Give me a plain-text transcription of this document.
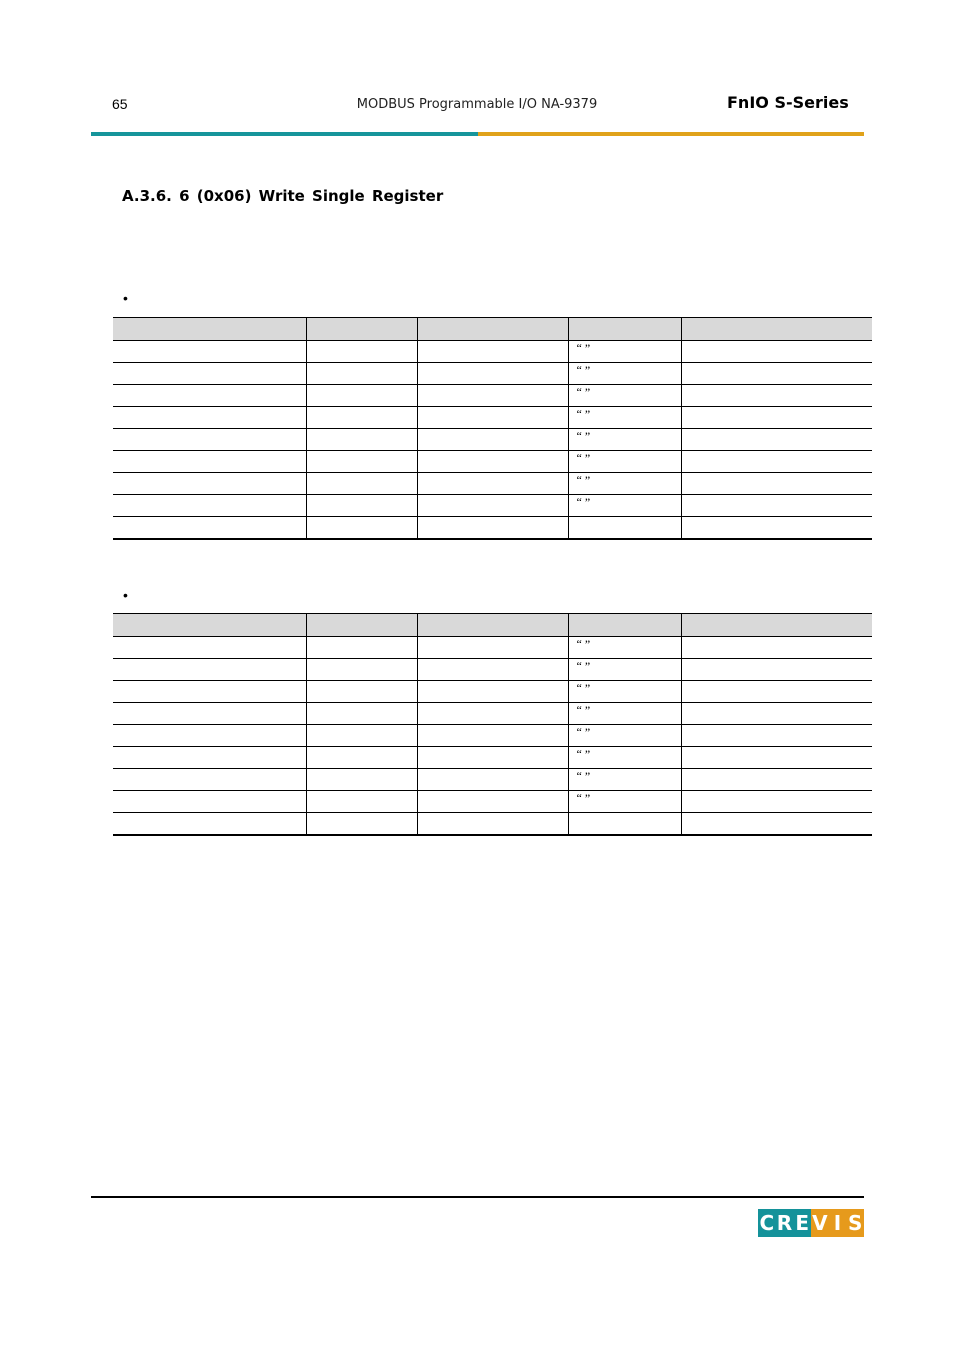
65	MODBUS Programmable I/O NA-9379	FnIO S-Series
A.3.6. 6 (0x06) Write Single Register
•

			“ ”	
			“ ”	
			“ ”	
			“ ”	
			“ ”	
			“ ”	
			“ ”	
			“ ”	

•

			“ ”	
			“ ”	
			“ ”	
			“ ”	
			“ ”	
			“ ”	
			“ ”	
			“ ”	

C R E V I S
